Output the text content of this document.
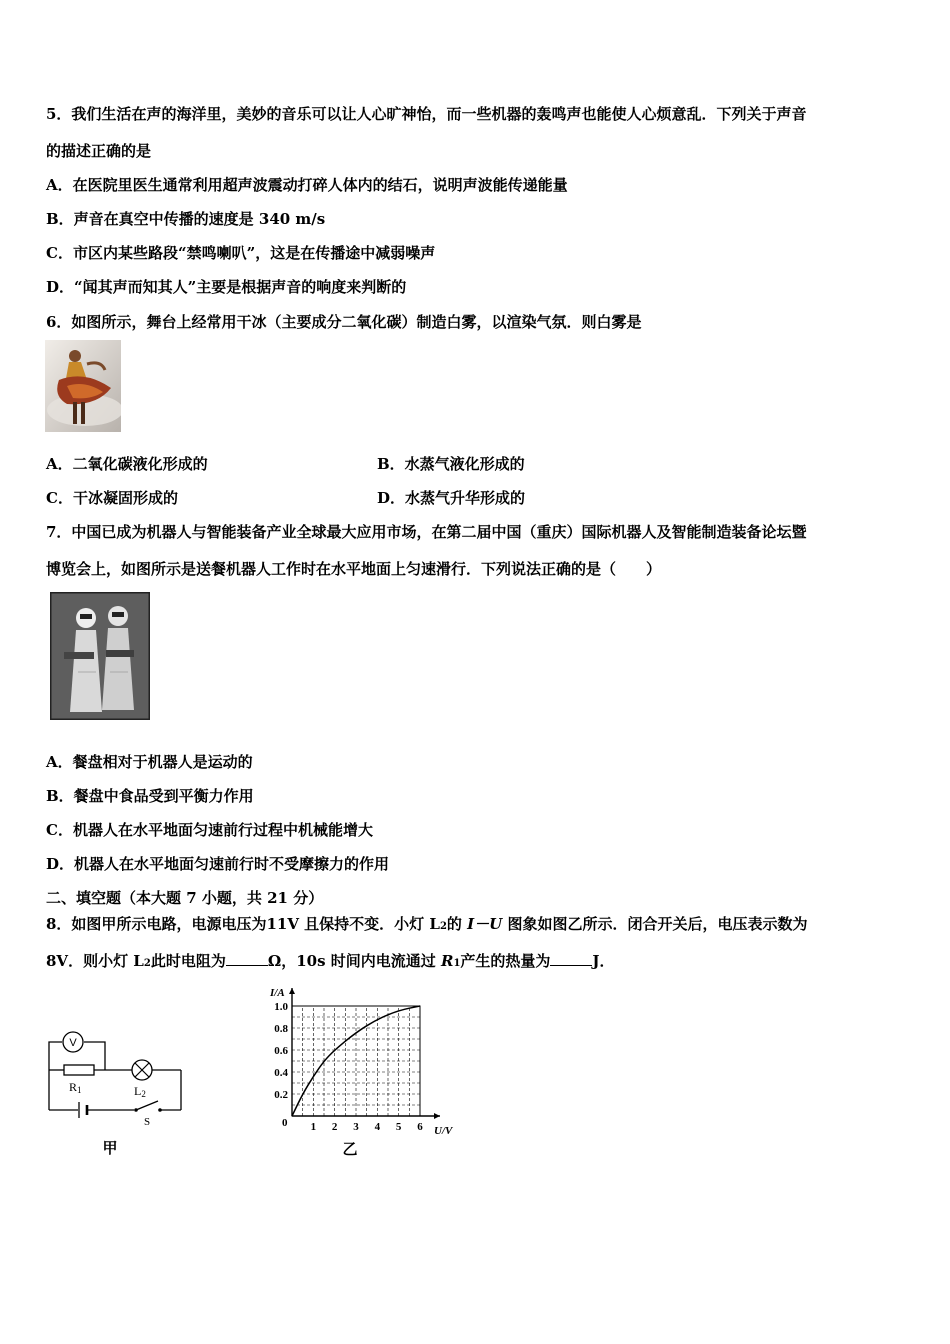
5．我们生活在声的海洋里，美妙的音乐可以让人心旷神怡，而一些机器的轰鸣声也能使人心烦意乱．下列关于声音
的描述正确的是
A．在医院里医生通常利用超声波震动打碎人体内的结石，说明声波能传递能量
B．声音在真空中传播的速度是 340 m/s
C．市区内某些路段“禁鸣喇叭”，这是在传播途中减弱噪声
D．“闻其声而知其人”主要是根据声音的响度来判断的
6．如图所示，舞台上经常用干冰（主要成分二氧化碳）制造白雾，以渲染气氛．则白雾是
A．二氧化碳液化形成的	B．水蒸气液化形成的
C．干冰凝固形成的	D．水蒸气升华形成的
7．中国已成为机器人与智能装备产业全球最大应用市场，在第二届中国（重庆）国际机器人及智能制造装备论坛暨
博览会上，如图所示是送餐机器人工作时在水平地面上匀速滑行．下列说法正确的是（　　）
A．餐盘相对于机器人是运动的
B．餐盘中食品受到平衡力作用
C．机器人在水平地面匀速前行过程中机械能增大
D．机器人在水平地面匀速前行时不受摩擦力的作用
二、填空题（本大题 7 小题，共 21 分）
8．如图甲所示电路，电源电压为11V 且保持不变．小灯 L2的 I－U 图象如图乙所示．闭合开关后，电压表示数为
8V．则小灯 L2此时电阻为	Ω，10s 时间内电流通过 R1产生的热量为	J．
V
R1	L2
S
甲
1 2 3 4 5 6
0.2
0.4
0.6
0.8
1.0
I/A
U/V
0
乙
